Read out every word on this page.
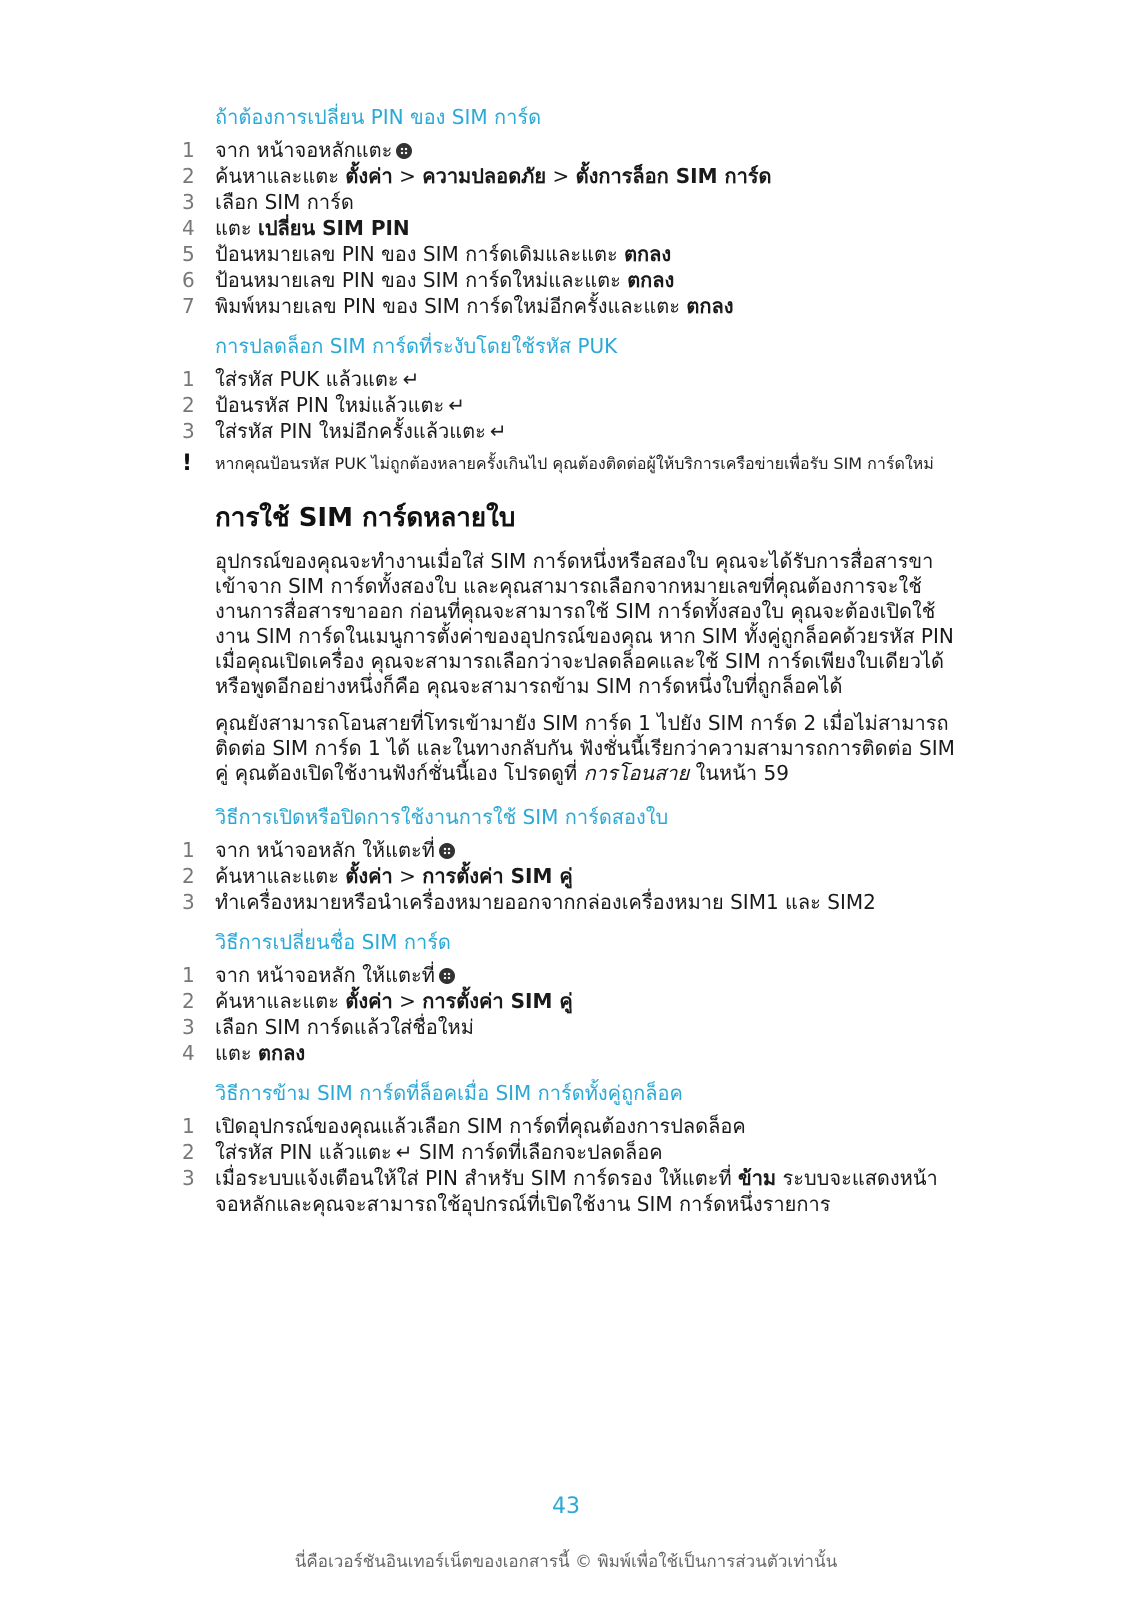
ถ้าต้องการเปลี่ยน PIN ของ SIM การ์ด
1	จาก หน้าจอหลักแตะ
2	ค้นหาและแตะ ตั้งค่า > ความปลอดภัย > ตั้งการล็อก SIM การ์ด
3	เลือก SIM การ์ด
4	แตะ เปลี่ยน SIM PIN
5	ป้อนหมายเลข PIN ของ SIM การ์ดเดิมและแตะ ตกลง
6	ป้อนหมายเลข PIN ของ SIM การ์ดใหม่และแตะ ตกลง
7	พิมพ์หมายเลข PIN ของ SIM การ์ดใหม่อีกครั้งและแตะ ตกลง
การปลดล็อก SIM การ์ดที่ระงับโดยใช้รหัส PUK
1	ใส่รหัส PUK แล้วแตะ ↵
2	ป้อนรหัส PIN ใหม่แล้วแตะ ↵
3	ใส่รหัส PIN ใหม่อีกครั้งแล้วแตะ ↵
! หากคุณป้อนรหัส PUK ไม่ถูกต้องหลายครั้งเกินไป คุณต้องติดต่อผู้ให้บริการเครือข่ายเพื่อรับ SIM การ์ดใหม่
การใช้ SIM การ์ดหลายใบ

อุปกรณ์ของคุณจะทำงานเมื่อใส่ SIM การ์ดหนึ่งหรือสองใบ คุณจะได้รับการสื่อสารขาเข้าจาก SIM การ์ดทั้งสองใบ และคุณสามารถเลือกจากหมายเลขที่คุณต้องการจะใช้งานการสื่อสารขาออก ก่อนที่คุณจะสามารถใช้ SIM การ์ดทั้งสองใบ คุณจะต้องเปิดใช้งาน SIM การ์ดในเมนูการตั้งค่าของอุปกรณ์ของคุณ หาก SIM ทั้งคู่ถูกล็อคด้วยรหัส PIN เมื่อคุณเปิดเครื่อง คุณจะสามารถเลือกว่าจะปลดล็อคและใช้ SIM การ์ดเพียงใบเดียวได้ หรือพูดอีกอย่างหนึ่งก็คือ คุณจะสามารถข้าม SIM การ์ดหนึ่งใบที่ถูกล็อคได้

คุณยังสามารถโอนสายที่โทรเข้ามายัง SIM การ์ด 1 ไปยัง SIM การ์ด 2 เมื่อไม่สามารถติดต่อ SIM การ์ด 1 ได้ และในทางกลับกัน ฟังชั่นนี้เรียกว่าความสามารถการติดต่อ SIM คู่ คุณต้องเปิดใช้งานฟังก์ชั่นนี้เอง โปรดดูที่ การโอนสาย ในหน้า 59

วิธีการเปิดหรือปิดการใช้งานการใช้ SIM การ์ดสองใบ
1	จาก หน้าจอหลัก ให้แตะที่
2	ค้นหาและแตะ ตั้งค่า > การตั้งค่า SIM คู่
3	ทำเครื่องหมายหรือนำเครื่องหมายออกจากกล่องเครื่องหมาย SIM1 และ SIM2
วิธีการเปลี่ยนชื่อ SIM การ์ด
1	จาก หน้าจอหลัก ให้แตะที่
2	ค้นหาและแตะ ตั้งค่า > การตั้งค่า SIM คู่
3	เลือก SIM การ์ดแล้วใส่ชื่อใหม่
4	แตะ ตกลง
วิธีการข้าม SIM การ์ดที่ล็อคเมื่อ SIM การ์ดทั้งคู่ถูกล็อค
1	เปิดอุปกรณ์ของคุณแล้วเลือก SIM การ์ดที่คุณต้องการปลดล็อค
2	ใส่รหัส PIN แล้วแตะ ↵ SIM การ์ดที่เลือกจะปลดล็อค
3	เมื่อระบบแจ้งเตือนให้ใส่ PIN สำหรับ SIM การ์ดรอง ให้แตะที่ ข้าม ระบบจะแสดงหน้าจอหลักและคุณจะสามารถใช้อุปกรณ์ที่เปิดใช้งาน SIM การ์ดหนึ่งรายการ
43
นี่คือเวอร์ชันอินเทอร์เน็ตของเอกสารนี้ © พิมพ์เพื่อใช้เป็นการส่วนตัวเท่านั้น
